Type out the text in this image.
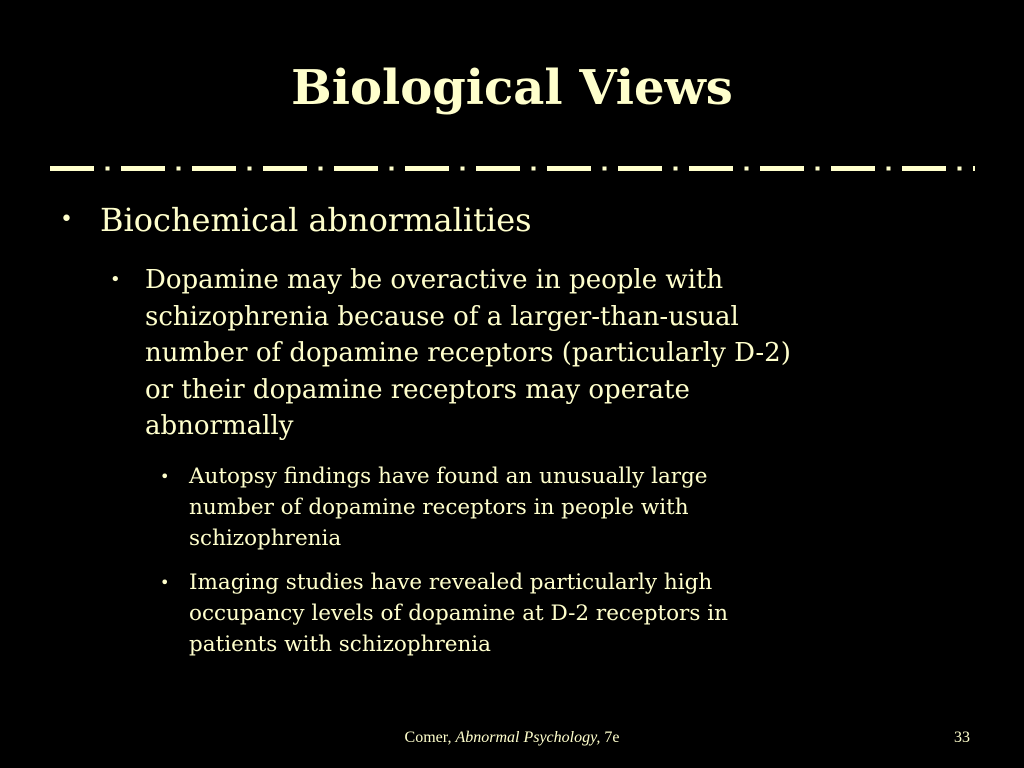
Biological Views
• Biochemical abnormalities
• Dopamine may be overactive in people with
schizophrenia because of a larger-than-usual
number of dopamine receptors (particularly D-2)
or their dopamine receptors may operate
abnormally
• Autopsy findings have found an unusually large
number of dopamine receptors in people with
schizophrenia
• Imaging studies have revealed particularly high
occupancy levels of dopamine at D-2 receptors in
patients with schizophrenia
Comer, Abnormal Psychology, 7e	33
